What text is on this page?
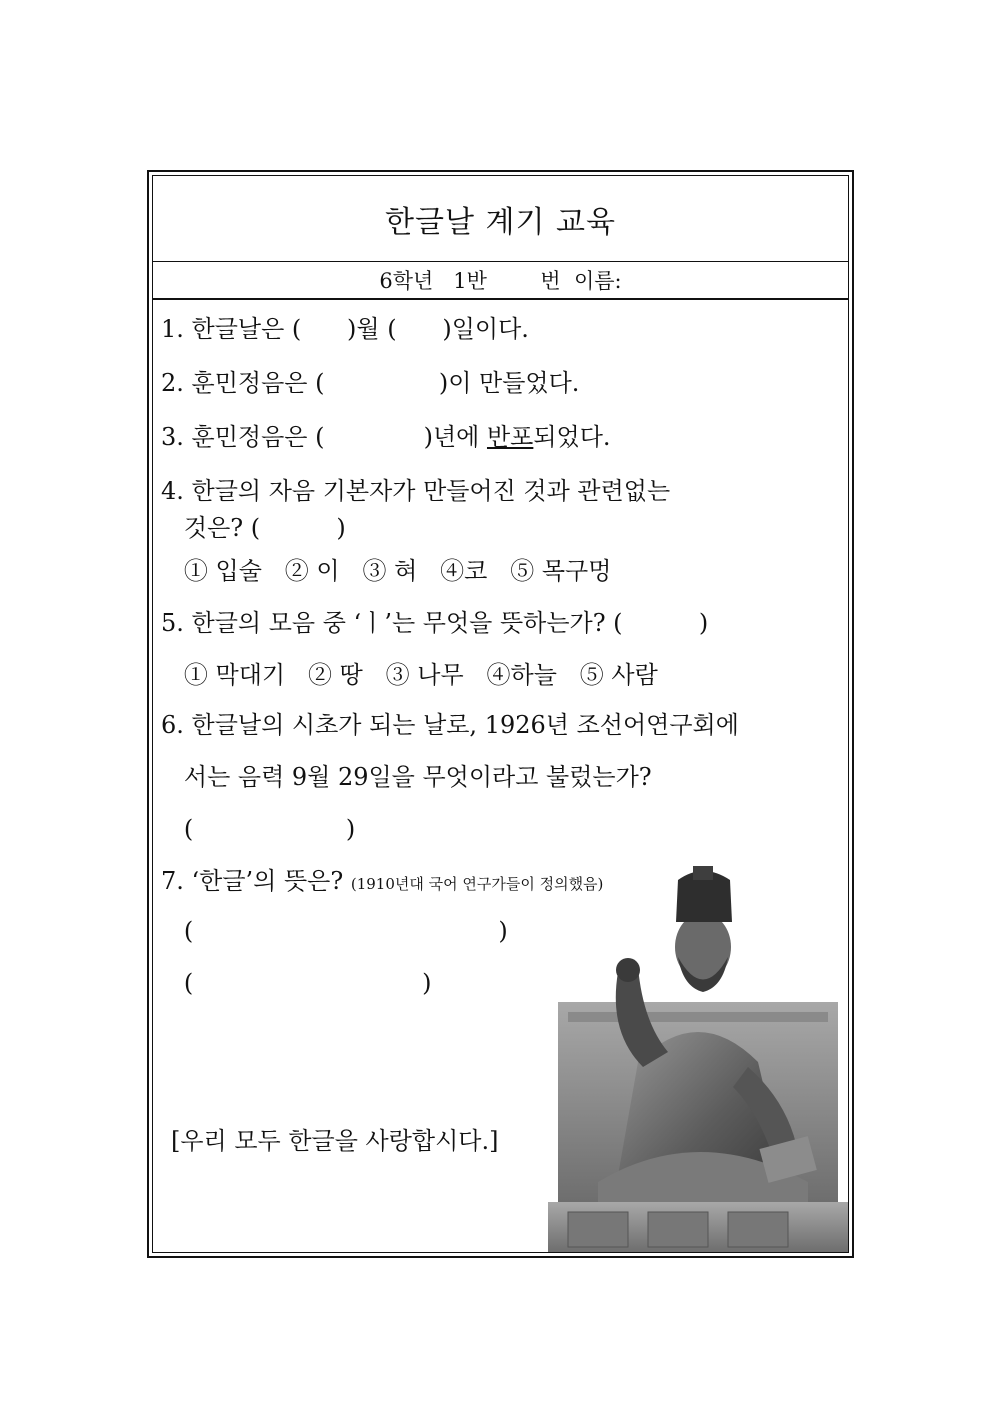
한글날 계기 교육
6학년   1반        번  이름:
1. 한글날은 (      )월 (      )일이다.
2. 훈민정음은 (               )이 만들었다.
3. 훈민정음은 (             )년에 반포되었다.
4. 한글의 자음 기본자가 만들어진 것과 관련없는
것은? (          )
① 입술   ② 이   ③ 혀   ④코   ⑤ 목구멍
5. 한글의 모음 중 ‘ㅣ’는 무엇을 뜻하는가? (          )
① 막대기   ② 땅   ③ 나무   ④하늘   ⑤ 사람
6. 한글날의 시초가 되는 날로, 1926년 조선어연구회에
서는 음력 9월 29일을 무엇이라고 불렀는가?
(                    )
7. ‘한글’의 뜻은? (1910년대 국어 연구가들이 정의했음)
(                                        )
(                              )
[우리 모두 한글을 사랑합시다.]
